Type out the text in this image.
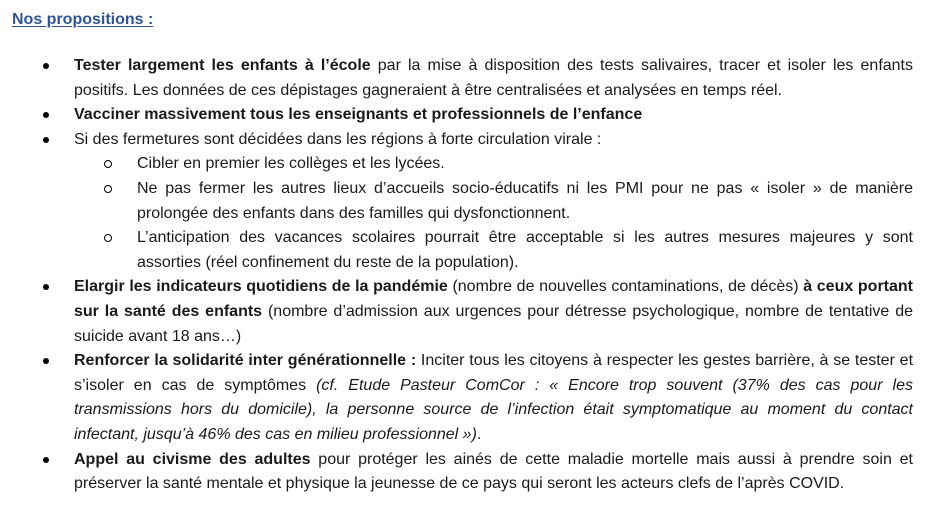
Nos propositions :
Tester largement les enfants à l’école par la mise à disposition des tests salivaires, tracer et isoler les enfants positifs. Les données de ces dépistages gagneraient à être centralisées et analysées en temps réel.
Vacciner massivement tous les enseignants et professionnels de l’enfance
Si des fermetures sont décidées dans les régions à forte circulation virale :
Cibler en premier les collèges et les lycées.
Ne pas fermer les autres lieux d’accueils socio-éducatifs ni les PMI pour ne pas « isoler » de manière prolongée des enfants dans des familles qui dysfonctionnent.
L’anticipation des vacances scolaires pourrait être acceptable si les autres mesures majeures y sont assorties (réel confinement du reste de la population).
Elargir les indicateurs quotidiens de la pandémie (nombre de nouvelles contaminations, de décès) à ceux portant sur la santé des enfants (nombre d’admission aux urgences pour détresse psychologique, nombre de tentative de suicide avant 18 ans…)
Renforcer la solidarité inter générationnelle : Inciter tous les citoyens à respecter les gestes barrière, à se tester et s’isoler en cas de symptômes (cf. Etude Pasteur ComCor : « Encore trop souvent (37% des cas pour les transmissions hors du domicile), la personne source de l’infection était symptomatique au moment du contact infectant, jusqu’à 46% des cas en milieu professionnel »).
Appel au civisme des adultes pour protéger les ainés de cette maladie mortelle mais aussi à prendre soin et préserver la santé mentale et physique la jeunesse de ce pays qui seront les acteurs clefs de l’après COVID.
